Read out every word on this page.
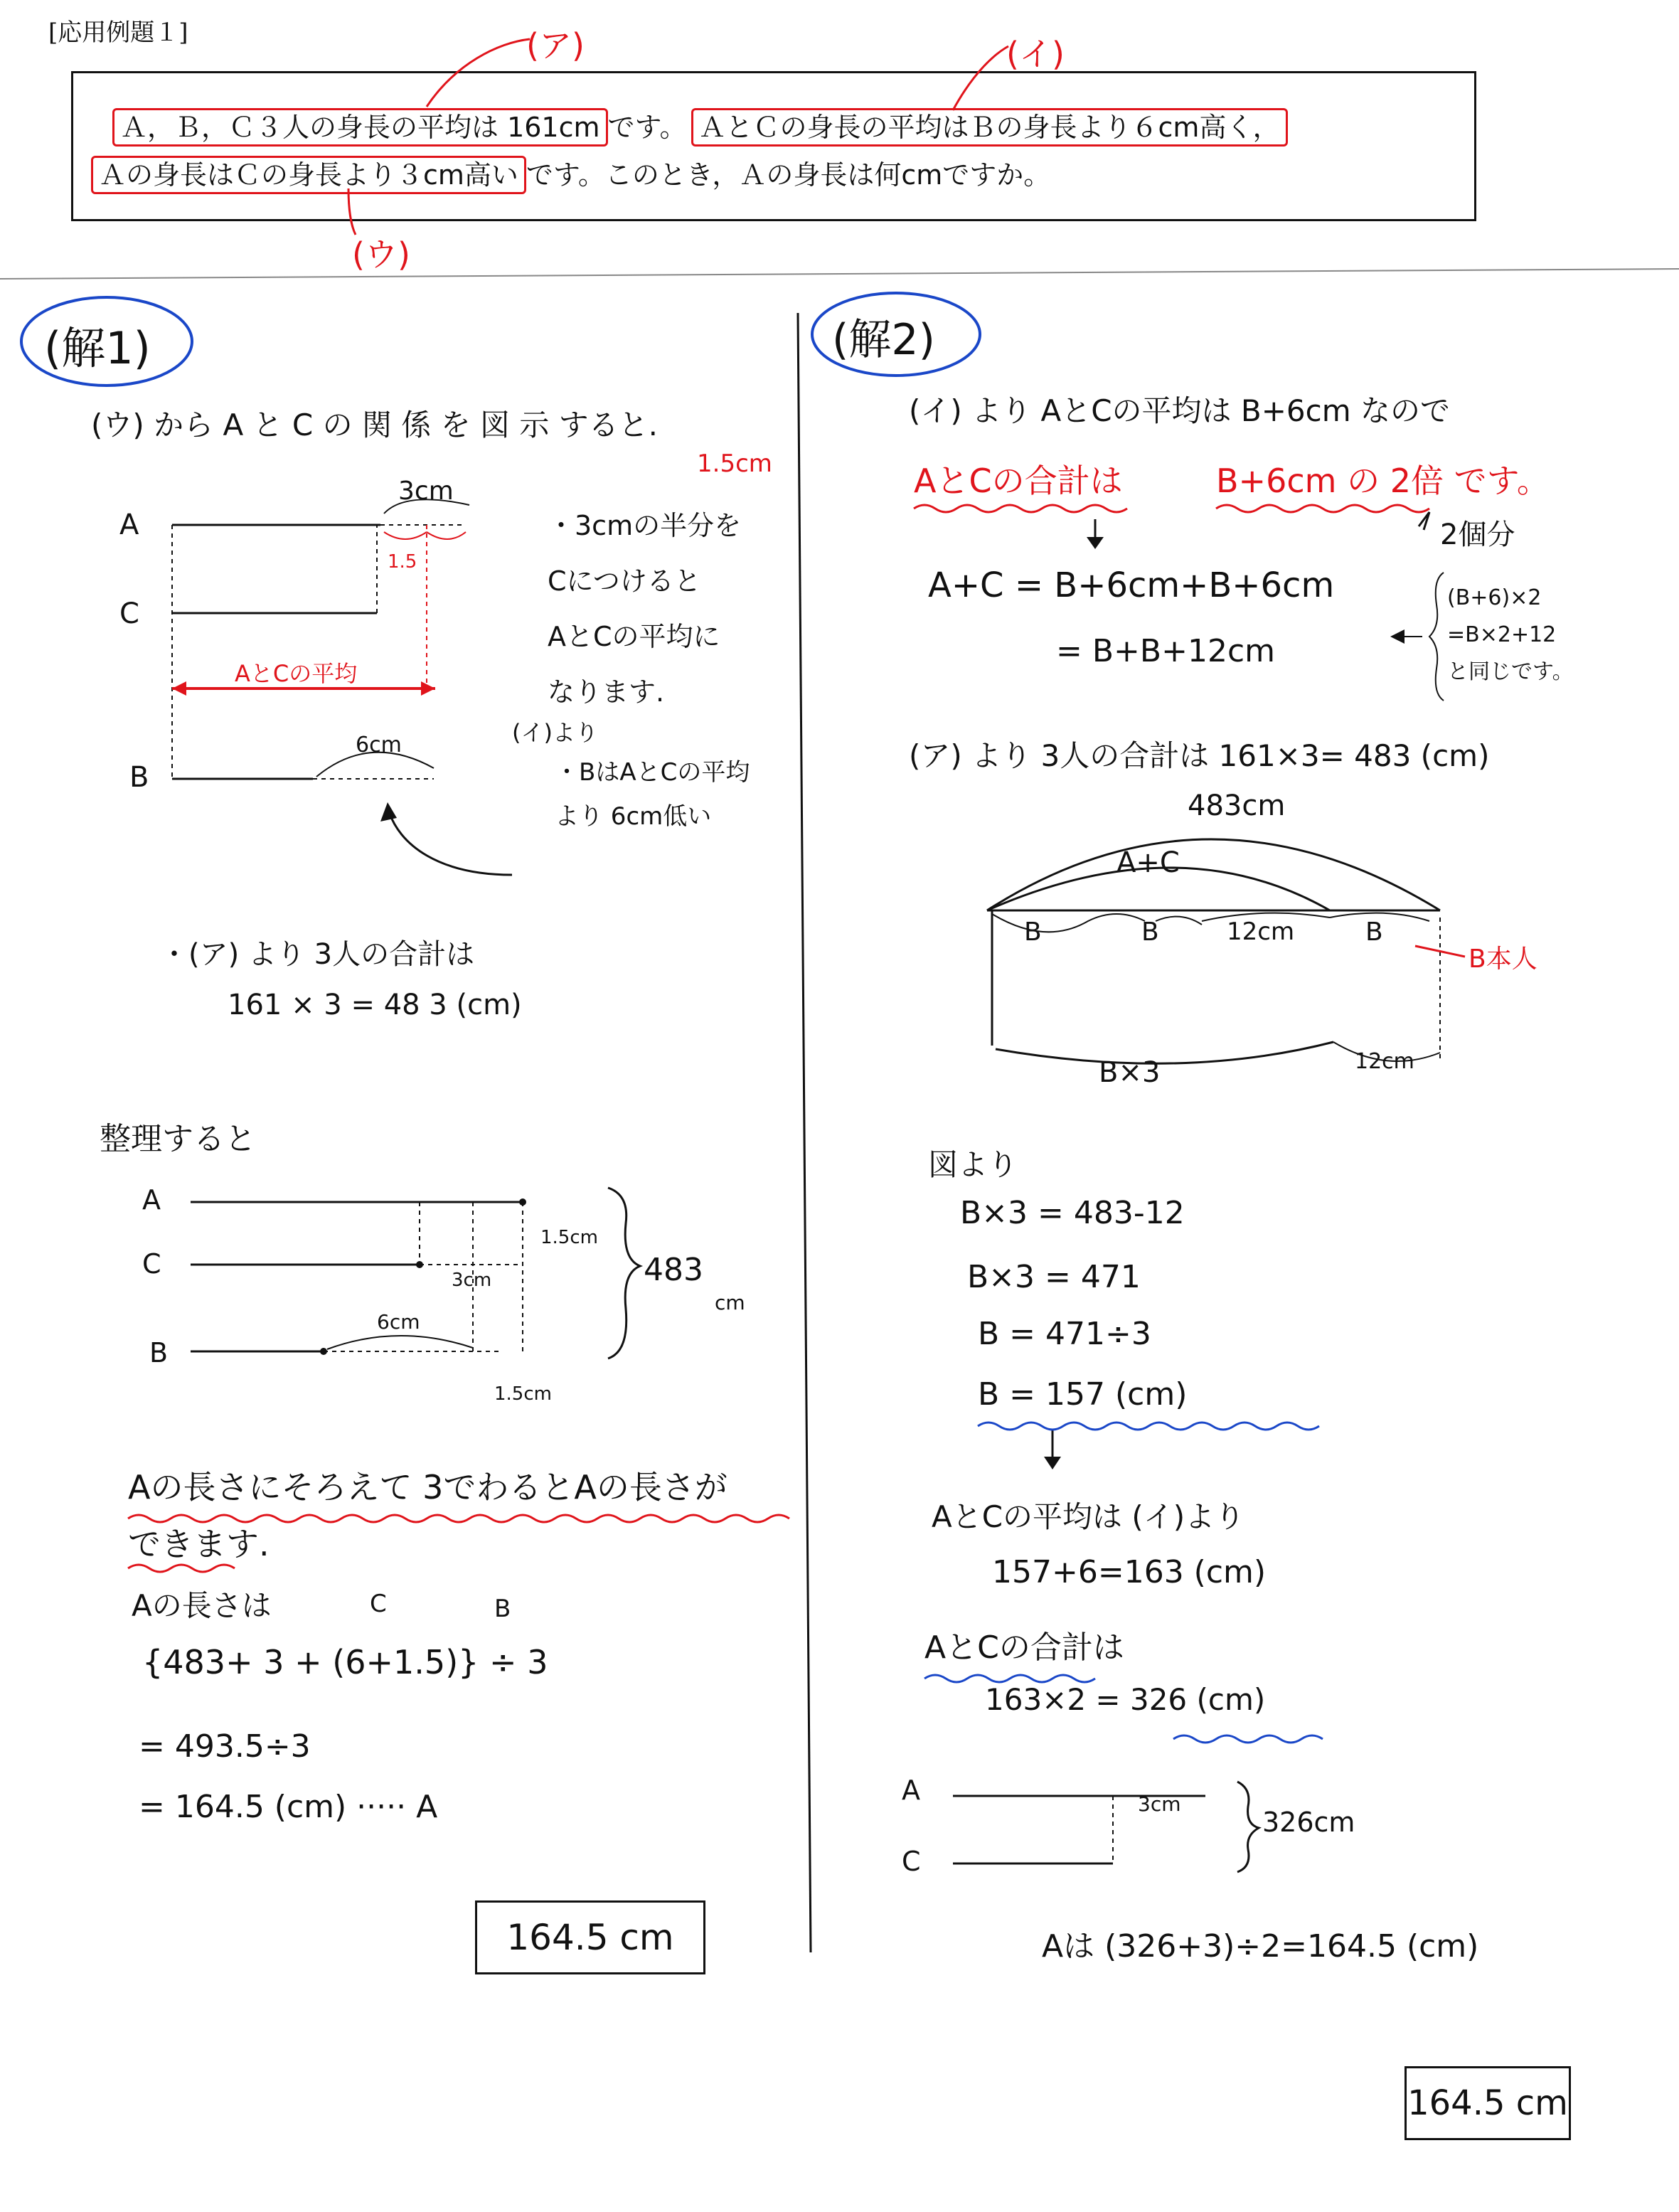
[応用例題１]
Ａ，Ｂ，Ｃ３人の身長の平均は 161cm です。 ＡとＣの身長の平均はＢの身長より６cm高く，
Ａの身長はＣの身長より３cm高い です。このとき，Ａの身長は何cmですか。
(ア)	(イ)
(ウ)
(解1)
(ウ) から A と C の 関 係 を 図 示 すると.
A
C
B
3cm
1.5cm
1.5
AとCの平均
6cm
・3cmの半分を
Cにつけると
AとCの平均に
なります.
(イ)より
・BはAとCの平均
より 6cm低い
・(ア) より 3人の合計は
161 × 3 = 48 3 (cm)
整理すると
A
C
B
1.5cm
3cm
6cm
1.5cm
483
cm
Aの長さにそろえて 3でわるとAの長さが
できます.
Aの長さは	C	B
{483+ 3 + (6+1.5)} ÷ 3
= 493.5÷3
= 164.5 (cm) ····· A
164.5 cm
(解2)
(イ) より AとCの平均は B+6cm なので
AとCの合計は	B+6cm の 2倍 です。
2個分
A+C = B+6cm+B+6cm
= B+B+12cm
(B+6)×2
=B×2+12
と同じです。
(ア) より 3人の合計は 161×3= 483 (cm)
483cm
A+C
B	B	12cm	B
B本人
B×3	12cm
図より
B×3 = 483-12
B×3 = 471
B = 471÷3
B = 157 (cm)
AとCの平均は (イ)より
157+6=163 (cm)
AとCの合計は
163×2 = 326 (cm)
A
C
3cm
326cm
Aは (326+3)÷2=164.5 (cm)
164.5 cm
